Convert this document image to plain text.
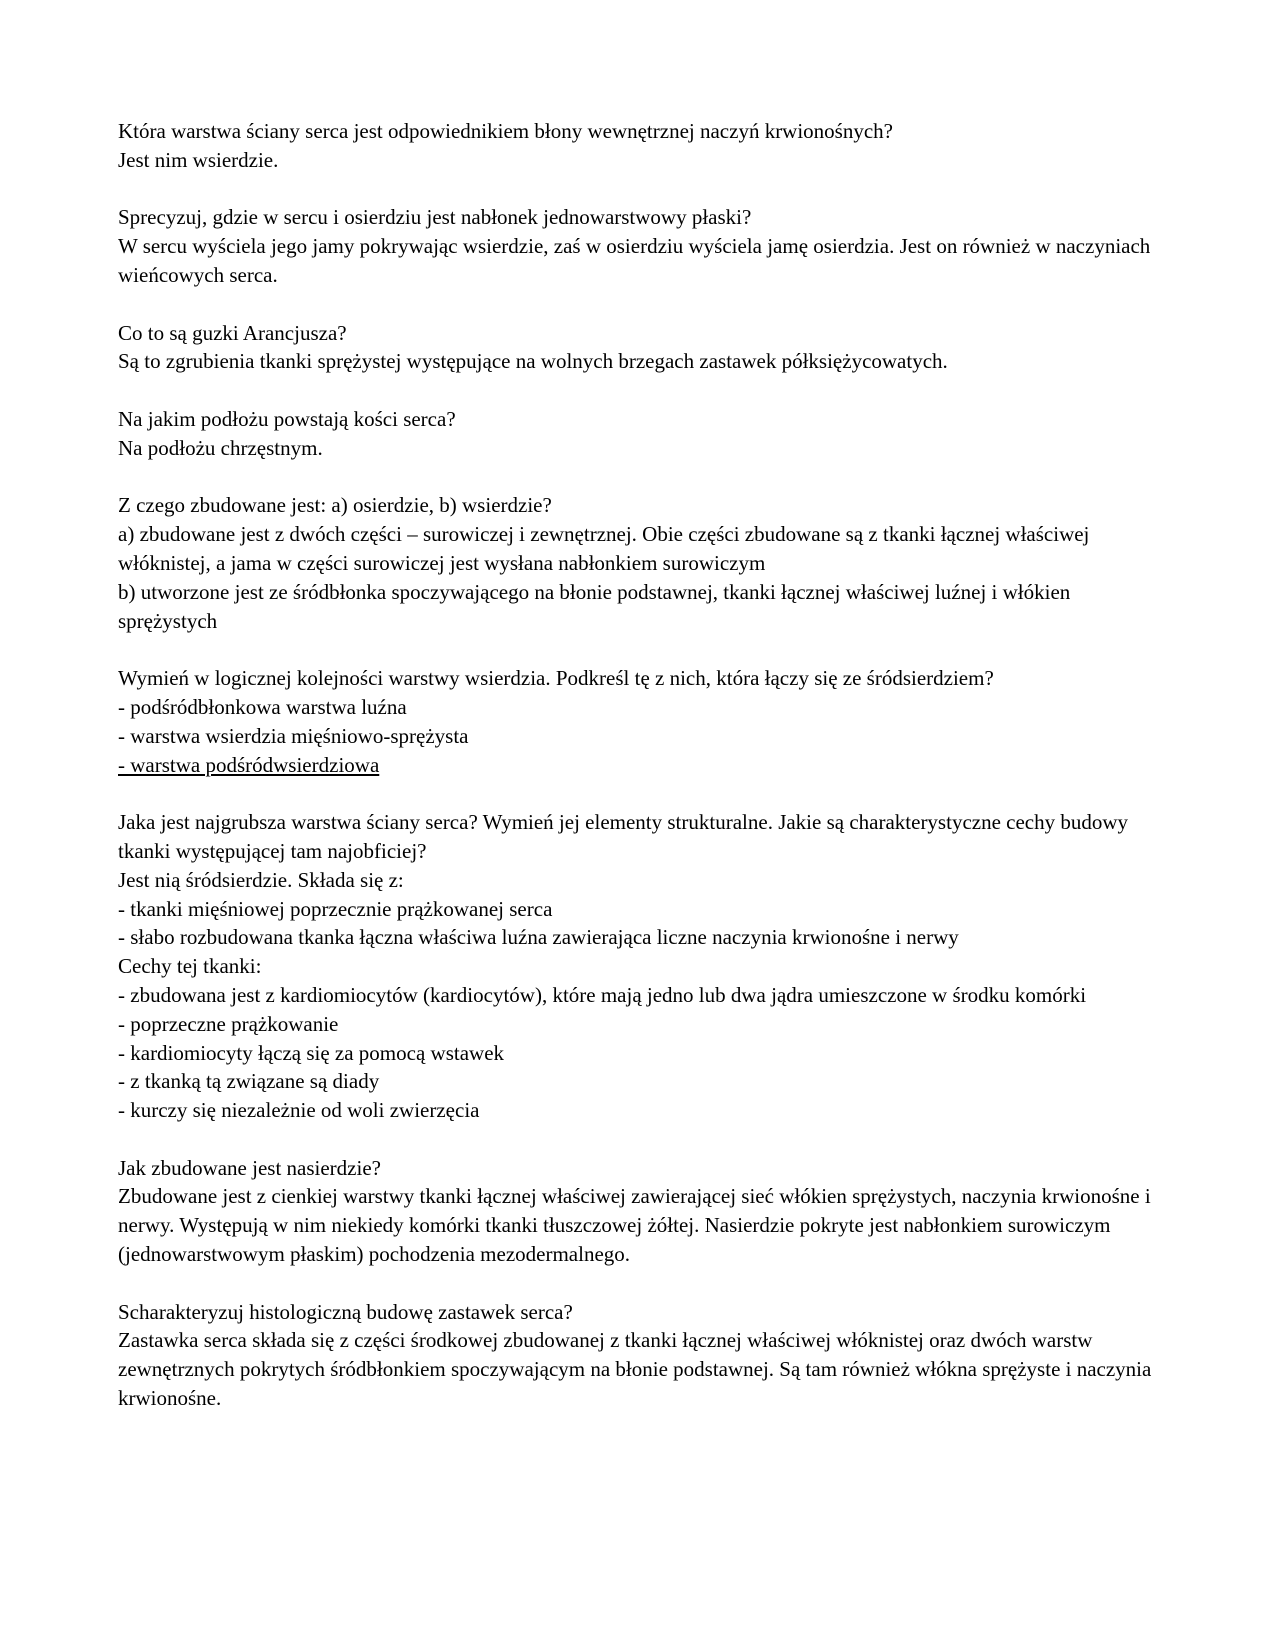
Która warstwa ściany serca jest odpowiednikiem błony wewnętrznej naczyń krwionośnych?

Jest nim wsierdzie.

Sprecyzuj, gdzie w sercu i osierdziu jest nabłonek jednowarstwowy płaski?

W sercu wyściela jego jamy pokrywając wsierdzie, zaś w osierdziu wyściela jamę osierdzia. Jest on również w naczyniach wieńcowych serca.

Co to są guzki Arancjusza?

Są to zgrubienia tkanki sprężystej występujące na wolnych brzegach zastawek półksiężycowatych.

Na jakim podłożu powstają kości serca?

Na podłożu chrzęstnym.

Z czego zbudowane jest: a) osierdzie, b) wsierdzie?

a) zbudowane jest z dwóch części – surowiczej i zewnętrznej. Obie części zbudowane są z tkanki łącznej właściwej włóknistej, a jama w części surowiczej jest wysłana nabłonkiem surowiczym

b) utworzone jest ze śródbłonka spoczywającego na błonie podstawnej, tkanki łącznej właściwej luźnej i włókien sprężystych

Wymień w logicznej kolejności warstwy wsierdzia. Podkreśl tę z nich, która łączy się ze śródsierdziem?

- podśródbłonkowa warstwa luźna

- warstwa wsierdzia mięśniowo-sprężysta

- warstwa podśródwsierdziowa

Jaka jest najgrubsza warstwa ściany serca? Wymień jej elementy strukturalne. Jakie są charakterystyczne cechy budowy tkanki występującej tam najobficiej?

Jest nią śródsierdzie. Składa się z:

- tkanki mięśniowej poprzecznie prążkowanej serca

- słabo rozbudowana tkanka łączna właściwa luźna zawierająca liczne naczynia krwionośne i nerwy

Cechy tej tkanki:

- zbudowana jest z kardiomiocytów (kardiocytów), które mają jedno lub dwa jądra umieszczone w środku komórki

- poprzeczne prążkowanie

- kardiomiocyty łączą się za pomocą wstawek

- z tkanką tą związane są diady

- kurczy się niezależnie od woli zwierzęcia

Jak zbudowane jest nasierdzie?

Zbudowane jest z cienkiej warstwy tkanki łącznej właściwej zawierającej sieć włókien sprężystych, naczynia krwionośne i nerwy. Występują w nim niekiedy komórki tkanki tłuszczowej żółtej. Nasierdzie pokryte jest nabłonkiem surowiczym (jednowarstwowym płaskim) pochodzenia mezodermalnego.

Scharakteryzuj histologiczną budowę zastawek serca?

Zastawka serca składa się z części środkowej zbudowanej z tkanki łącznej właściwej włóknistej oraz dwóch warstw zewnętrznych pokrytych śródbłonkiem spoczywającym na błonie podstawnej. Są tam również włókna sprężyste i naczynia krwionośne.
